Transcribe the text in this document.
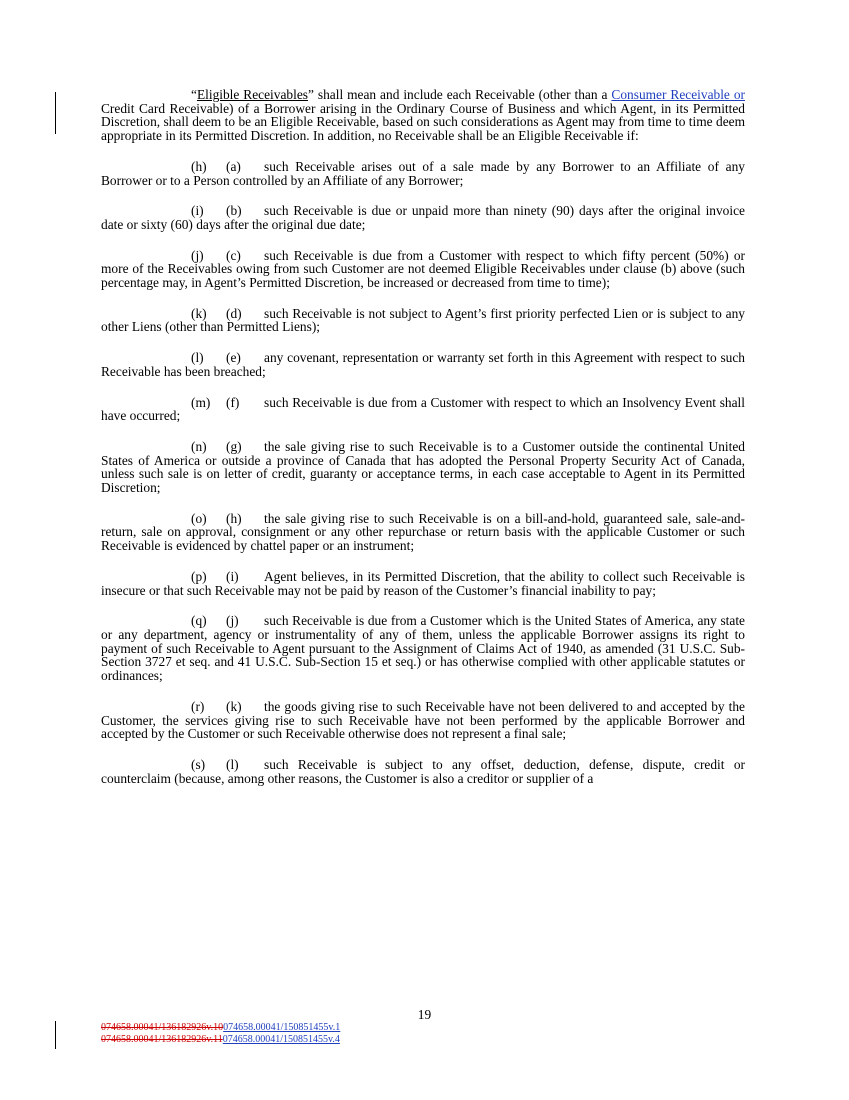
“Eligible Receivables” shall mean and include each Receivable (other than a Consumer Receivable or Credit Card Receivable) of a Borrower arising in the Ordinary Course of Business and which Agent, in its Permitted Discretion, shall deem to be an Eligible Receivable, based on such considerations as Agent may from time to time deem appropriate in its Permitted Discretion. In addition, no Receivable shall be an Eligible Receivable if:

(h) (a) such Receivable arises out of a sale made by any Borrower to an Affiliate of any Borrower or to a Person controlled by an Affiliate of any Borrower;

(i) (b) such Receivable is due or unpaid more than ninety (90) days after the original invoice date or sixty (60) days after the original due date;

(j) (c) such Receivable is due from a Customer with respect to which fifty percent (50%) or more of the Receivables owing from such Customer are not deemed Eligible Receivables under clause (b) above (such percentage may, in Agent’s Permitted Discretion, be increased or decreased from time to time);

(k) (d) such Receivable is not subject to Agent’s first priority perfected Lien or is subject to any other Liens (other than Permitted Liens);

(l) (e) any covenant, representation or warranty set forth in this Agreement with respect to such Receivable has been breached;

(m) (f) such Receivable is due from a Customer with respect to which an Insolvency Event shall have occurred;

(n) (g) the sale giving rise to such Receivable is to a Customer outside the continental United States of America or outside a province of Canada that has adopted the Personal Property Security Act of Canada, unless such sale is on letter of credit, guaranty or acceptance terms, in each case acceptable to Agent in its Permitted Discretion;

(o) (h) the sale giving rise to such Receivable is on a bill-and-hold, guaranteed sale, sale-and-return, sale on approval, consignment or any other repurchase or return basis with the applicable Customer or such Receivable is evidenced by chattel paper or an instrument;

(p) (i) Agent believes, in its Permitted Discretion, that the ability to collect such Receivable is insecure or that such Receivable may not be paid by reason of the Customer’s financial inability to pay;

(q) (j) such Receivable is due from a Customer which is the United States of America, any state or any department, agency or instrumentality of any of them, unless the applicable Borrower assigns its right to payment of such Receivable to Agent pursuant to the Assignment of Claims Act of 1940, as amended (31 U.S.C. Sub-Section 3727 et seq. and 41 U.S.C. Sub-Section 15 et seq.) or has otherwise complied with other applicable statutes or ordinances;

(r) (k) the goods giving rise to such Receivable have not been delivered to and accepted by the Customer, the services giving rise to such Receivable have not been performed by the applicable Borrower and accepted by the Customer or such Receivable otherwise does not represent a final sale;

(s) (l) such Receivable is subject to any offset, deduction, defense, dispute, credit or counterclaim (because, among other reasons, the Customer is also a creditor or supplier of a

19
074658.00041/136182926v.10074658.00041/150851455v.1
074658.00041/136182926v.11074658.00041/150851455v.4
